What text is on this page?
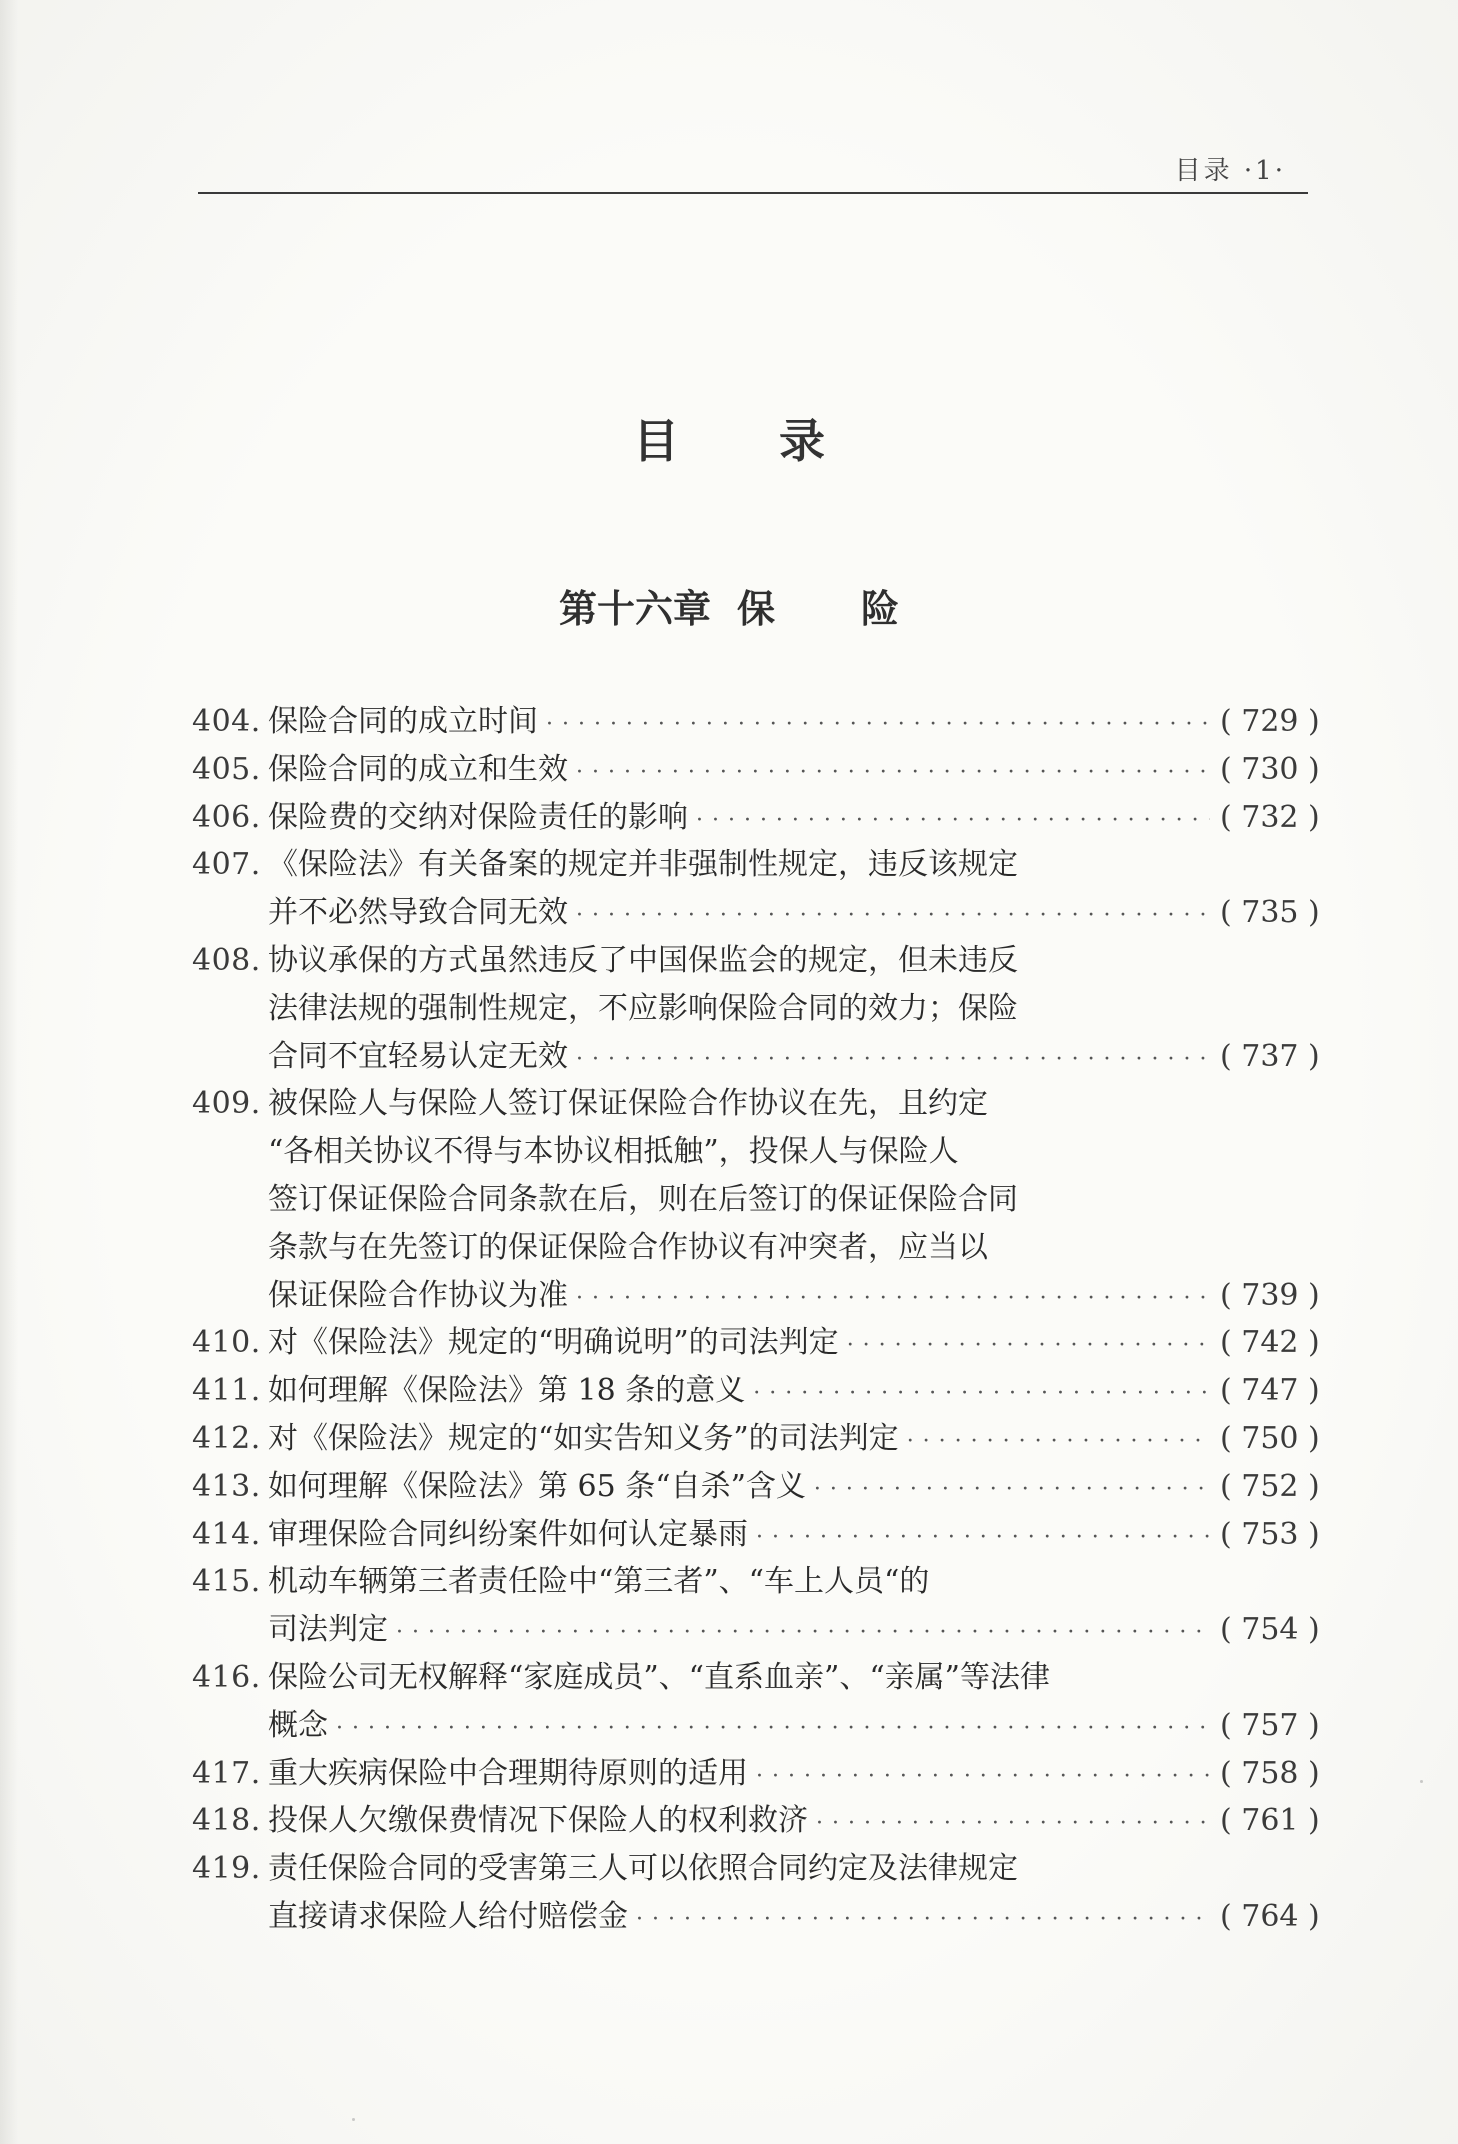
目录 ·1·
目 录
第十六章 保 险
404. 保险合同的成立时间 · · ·	( 729 )
405. 保险合同的成立和生效 · · ·	( 730 )
406. 保险费的交纳对保险责任的影响 · · ·	( 732 )
407. 《保险法》有关备案的规定并非强制性规定，违反该规定
并不必然导致合同无效 · · ·	( 735 )
408. 协议承保的方式虽然违反了中国保监会的规定，但未违反
法律法规的强制性规定，不应影响保险合同的效力；保险
合同不宜轻易认定无效 · · ·	( 737 )
409. 被保险人与保险人签订保证保险合作协议在先，且约定
“各相关协议不得与本协议相抵触”，投保人与保险人
签订保证保险合同条款在后，则在后签订的保证保险合同
条款与在先签订的保证保险合作协议有冲突者，应当以
保证保险合作协议为准 · · ·	( 739 )
410. 对《保险法》规定的“明确说明”的司法判定 · · ·	( 742 )
411. 如何理解《保险法》第 18 条的意义 · · ·	( 747 )
412. 对《保险法》规定的“如实告知义务”的司法判定 · · ·	( 750 )
413. 如何理解《保险法》第 65 条“自杀”含义 · · ·	( 752 )
414. 审理保险合同纠纷案件如何认定暴雨 · · ·	( 753 )
415. 机动车辆第三者责任险中“第三者”、“车上人员“的
司法判定 · · ·	( 754 )
416. 保险公司无权解释“家庭成员”、“直系血亲”、“亲属”等法律
概念 · · ·	( 757 )
417. 重大疾病保险中合理期待原则的适用 · · ·	( 758 )
418. 投保人欠缴保费情况下保险人的权利救济 · · ·	( 761 )
419. 责任保险合同的受害第三人可以依照合同约定及法律规定
直接请求保险人给付赔偿金 · · ·	( 764 )
